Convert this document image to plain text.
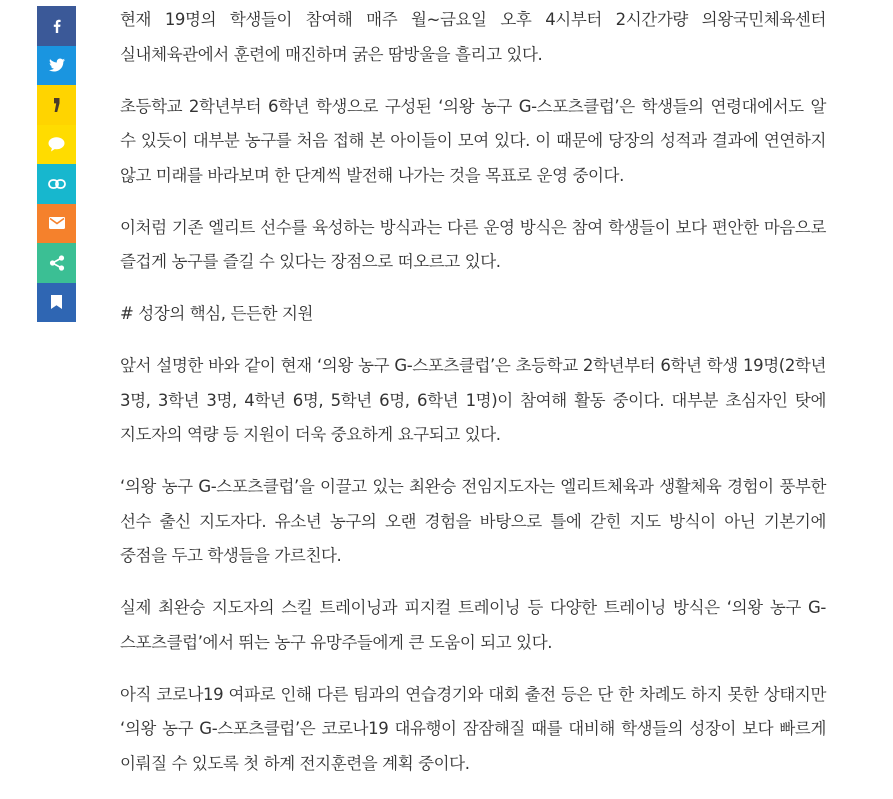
현재 19명의 학생들이 참여해 매주 월~금요일 오후 4시부터 2시간가량 의왕국민체육센터 실내체육관에서 훈련에 매진하며 굵은 땀방울을 흘리고 있다.

초등학교 2학년부터 6학년 학생으로 구성된 ‘의왕 농구 G-스포츠클럽’은 학생들의 연령대에서도 알 수 있듯이 대부분 농구를 처음 접해 본 아이들이 모여 있다. 이 때문에 당장의 성적과 결과에 연연하지 않고 미래를 바라보며 한 단계씩 발전해 나가는 것을 목표로 운영 중이다.

이처럼 기존 엘리트 선수를 육성하는 방식과는 다른 운영 방식은 참여 학생들이 보다 편안한 마음으로 즐겁게 농구를 즐길 수 있다는 장점으로 떠오르고 있다.

# 성장의 핵심, 든든한 지원

앞서 설명한 바와 같이 현재 ‘의왕 농구 G-스포츠클럽’은 초등학교 2학년부터 6학년 학생 19명(2학년 3명, 3학년 3명, 4학년 6명, 5학년 6명, 6학년 1명)이 참여해 활동 중이다. 대부분 초심자인 탓에 지도자의 역량 등 지원이 더욱 중요하게 요구되고 있다.

‘의왕 농구 G-스포츠클럽’을 이끌고 있는 최완승 전임지도자는 엘리트체육과 생활체육 경험이 풍부한 선수 출신 지도자다. 유소년 농구의 오랜 경험을 바탕으로 틀에 갇힌 지도 방식이 아닌 기본기에 중점을 두고 학생들을 가르친다.

실제 최완승 지도자의 스킬 트레이닝과 피지컬 트레이닝 등 다양한 트레이닝 방식은 ‘의왕 농구 G-스포츠클럽’에서 뛰는 농구 유망주들에게 큰 도움이 되고 있다.

아직 코로나19 여파로 인해 다른 팀과의 연습경기와 대회 출전 등은 단 한 차례도 하지 못한 상태지만 ‘의왕 농구 G-스포츠클럽’은 코로나19 대유행이 잠잠해질 때를 대비해 학생들의 성장이 보다 빠르게 이뤄질 수 있도록 첫 하계 전지훈련을 계획 중이다.
